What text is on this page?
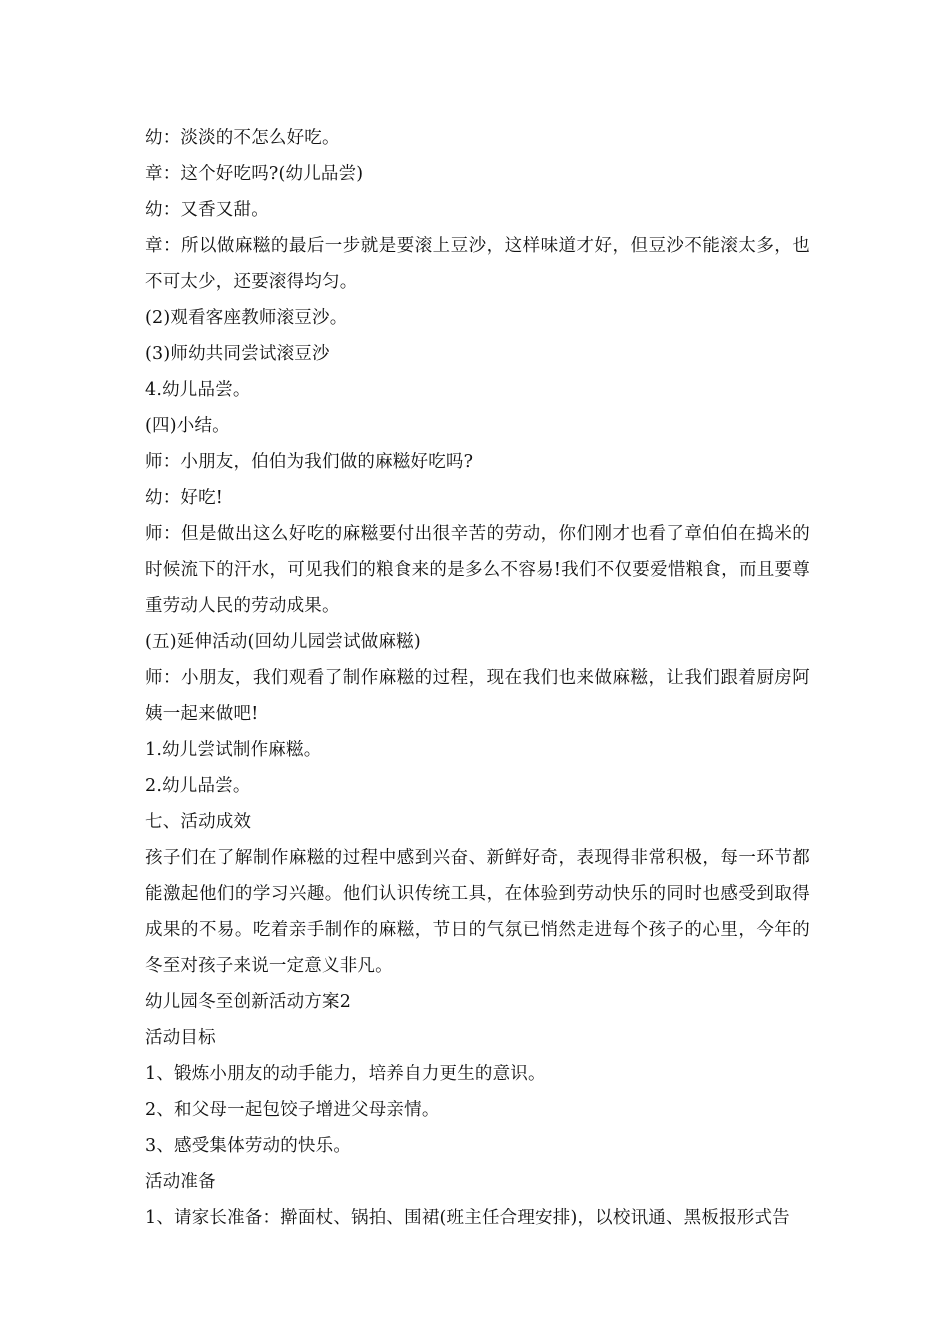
幼：淡淡的不怎么好吃。

章：这个好吃吗?(幼儿品尝)

幼：又香又甜。

章：所以做麻糍的最后一步就是要滚上豆沙，这样味道才好，但豆沙不能滚太多，也不可太少，还要滚得均匀。

(2)观看客座教师滚豆沙。

(3)师幼共同尝试滚豆沙

4.幼儿品尝。

(四)小结。

师：小朋友，伯伯为我们做的麻糍好吃吗?

幼：好吃!

师：但是做出这么好吃的麻糍要付出很辛苦的劳动，你们刚才也看了章伯伯在捣米的时候流下的汗水，可见我们的粮食来的是多么不容易!我们不仅要爱惜粮食，而且要尊重劳动人民的劳动成果。

(五)延伸活动(回幼儿园尝试做麻糍)

师：小朋友，我们观看了制作麻糍的过程，现在我们也来做麻糍，让我们跟着厨房阿姨一起来做吧!

1.幼儿尝试制作麻糍。

2.幼儿品尝。

七、活动成效

孩子们在了解制作麻糍的过程中感到兴奋、新鲜好奇，表现得非常积极，每一环节都能激起他们的学习兴趣。他们认识传统工具，在体验到劳动快乐的同时也感受到取得成果的不易。吃着亲手制作的麻糍，节日的气氛已悄然走进每个孩子的心里，今年的冬至对孩子来说一定意义非凡。

幼儿园冬至创新活动方案2

活动目标

1、锻炼小朋友的动手能力，培养自力更生的意识。

2、和父母一起包饺子增进父母亲情。

3、感受集体劳动的快乐。

活动准备

1、请家长准备：擀面杖、锅拍、围裙(班主任合理安排)，以校讯通、黑板报形式告
